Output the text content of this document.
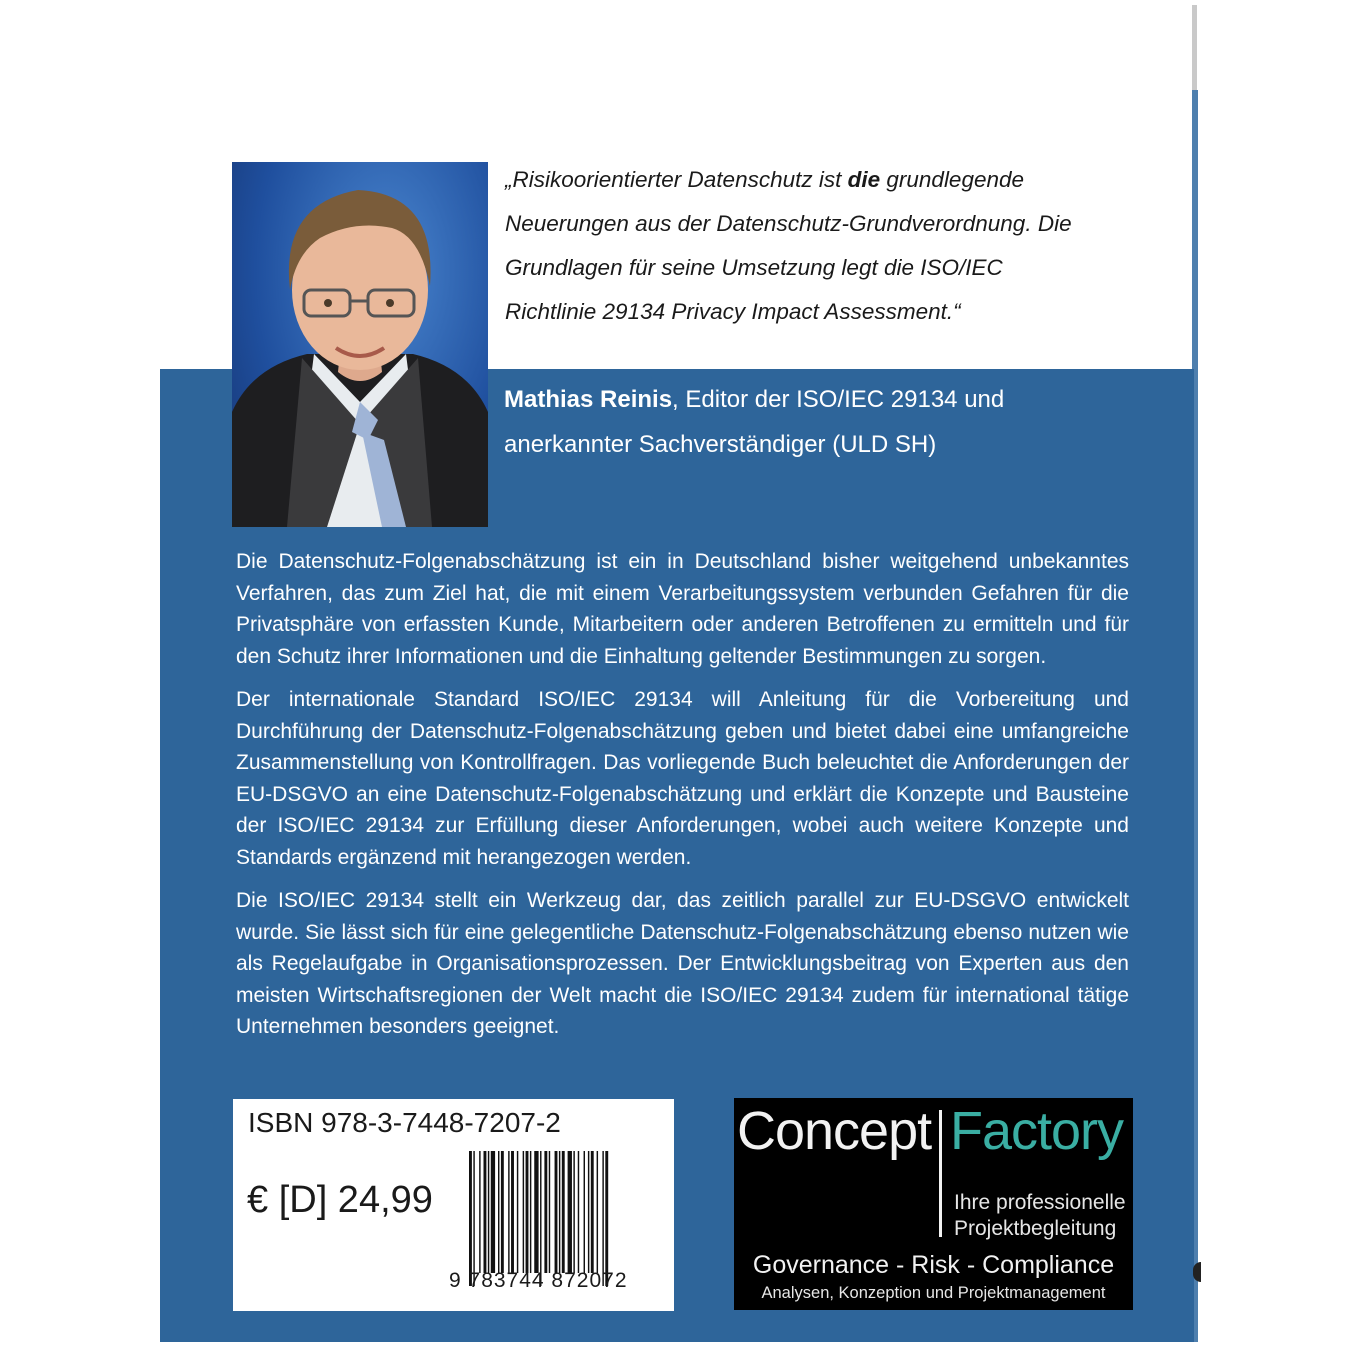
„Risikoorientierter Datenschutz ist die grundlegende
Neuerungen aus der Datenschutz-Grundverordnung. Die
Grundlagen für seine Umsetzung legt die ISO/IEC
Richtlinie 29134 Privacy Impact Assessment.“
Mathias Reinis, Editor der ISO/IEC 29134 und
anerkannter Sachverständiger (ULD SH)

Die Datenschutz-Folgenabschätzung ist ein in Deutschland bisher weitgehend unbekanntes Verfahren, das zum Ziel hat, die mit einem Verarbeitungssystem verbunden Gefahren für die Privatsphäre von erfassten Kunde, Mitarbeitern oder anderen Betroffenen zu ermitteln und für den Schutz ihrer Informationen und die Einhaltung geltender Bestimmungen zu sorgen.

Der internationale Standard ISO/IEC 29134 will Anleitung für die Vorbereitung und Durchführung der Datenschutz-Folgenabschätzung geben und bietet dabei eine umfangreiche Zusammenstellung von Kontrollfragen. Das vorliegende Buch beleuchtet die Anforderungen der EU-DSGVO an eine Datenschutz-Folgenabschätzung und erklärt die Konzepte und Bausteine der ISO/IEC 29134 zur Erfüllung dieser Anforderungen, wobei auch weitere Konzepte und Standards ergänzend mit herangezogen werden.

Die ISO/IEC 29134 stellt ein Werkzeug dar, das zeitlich parallel zur EU-DSGVO entwickelt wurde. Sie lässt sich für eine gelegentliche Datenschutz-Folgenabschätzung ebenso nutzen wie als Regelaufgabe in Organisationsprozessen. Der Entwicklungsbeitrag von Experten aus den meisten Wirtschaftsregionen der Welt macht die ISO/IEC 29134 zudem für international tätige Unternehmen besonders geeignet.

ISBN 978-3-7448-7207-2
€ [D] 24,99
9 783744 872072
Concept Factory
Ihre professionelle
Projektbegleitung
Governance - Risk - Compliance
Analysen, Konzeption und Projektmanagement
